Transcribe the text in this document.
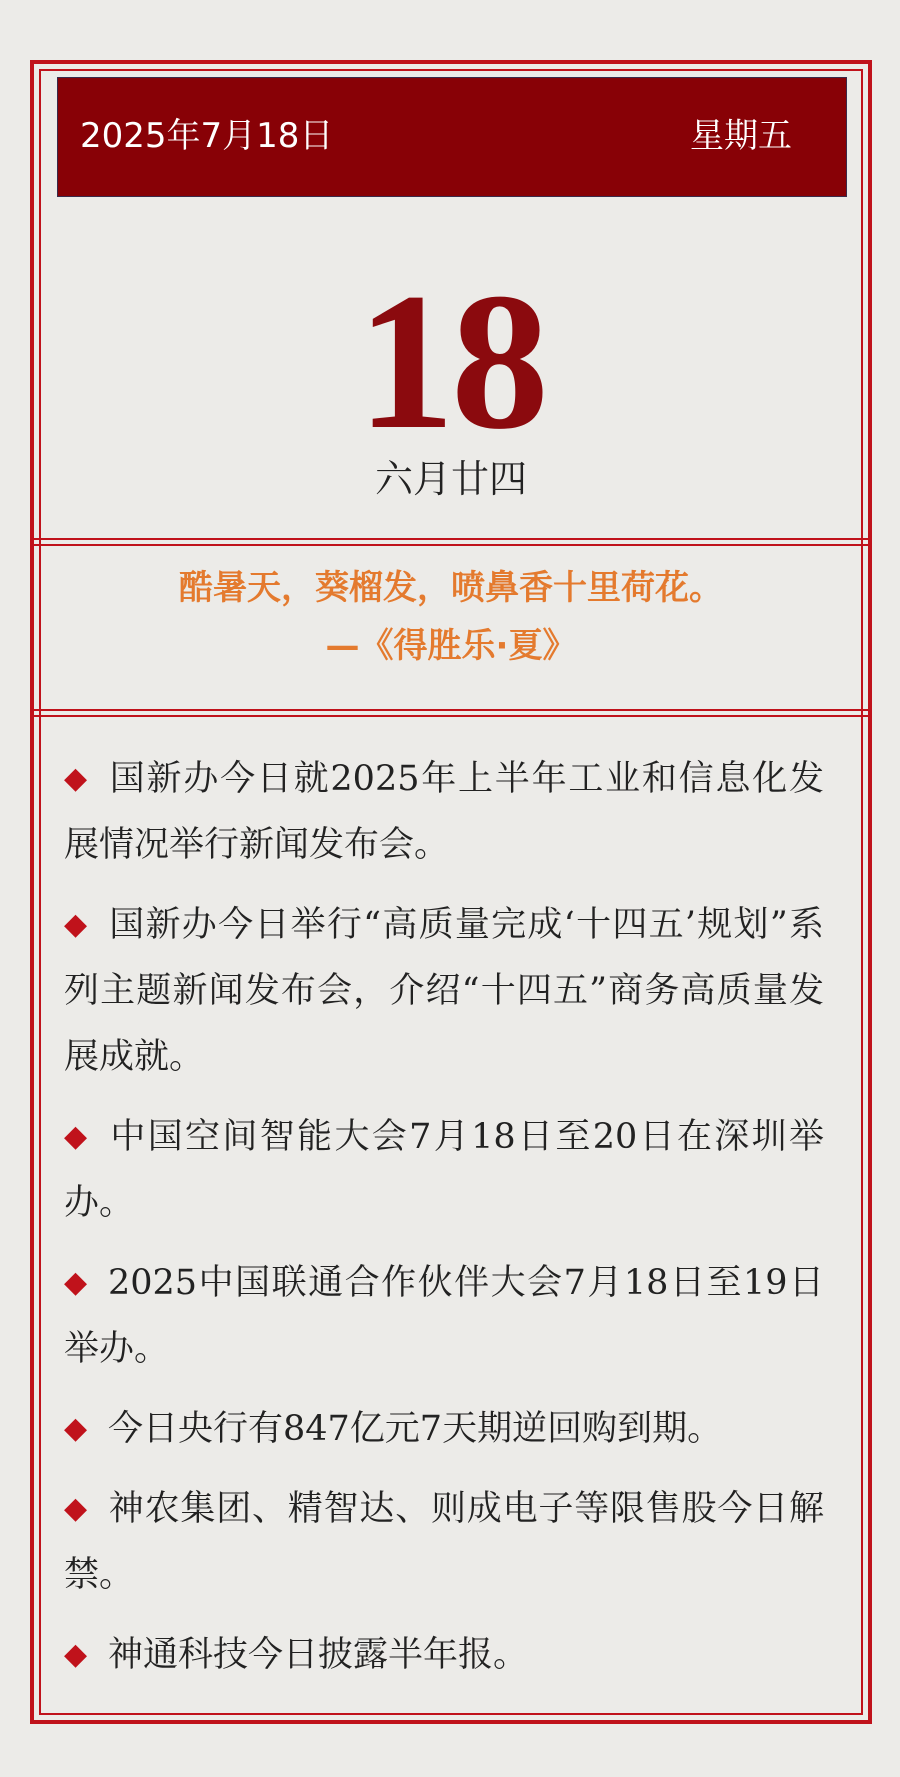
2025年7月18日	星期五
18
六月廿四
酷暑天，葵榴发，喷鼻香十里荷花。
—《得胜乐·夏》
◆ 国新办今日就2025年上半年工业和信息化发展情况举行新闻发布会。
◆ 国新办今日举行“高质量完成‘十四五’规划”系列主题新闻发布会，介绍“十四五”商务高质量发展成就。
◆ 中国空间智能大会7月18日至20日在深圳举办。
◆ 2025中国联通合作伙伴大会7月18日至19日举办。
◆ 今日央行有847亿元7天期逆回购到期。
◆ 神农集团、精智达、则成电子等限售股今日解禁。
◆ 神通科技今日披露半年报。
